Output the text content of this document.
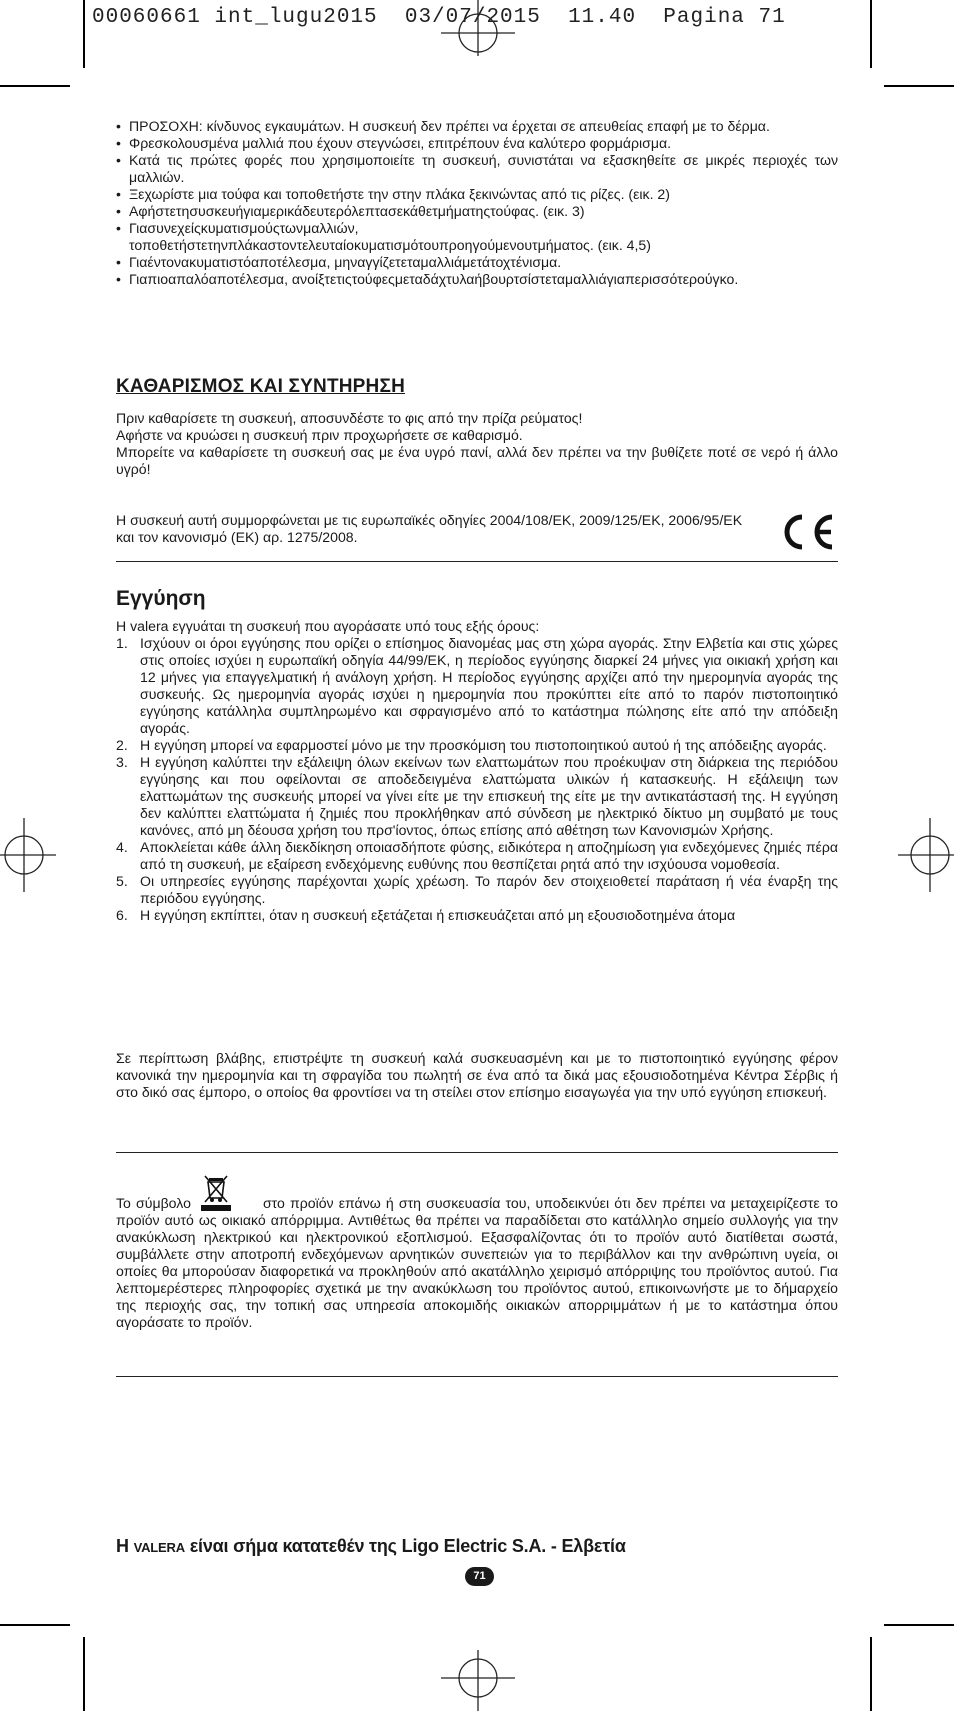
00060661 int_lugu2015  03/07/2015  11.40  Pagina 71
• ΠΡΟΣΟΧΗ: κίνδυνος εγκαυμάτων. Η συσκευή δεν πρέπει να έρχεται σε απευθείας επαφή με το δέρμα.
• Φρεσκολουσμένα μαλλιά που έχουν στεγνώσει, επιτρέπουν ένα καλύτερο φορμάρισμα.
• Κατά τις πρώτες φορές που χρησιμοποιείτε τη συσκευή, συνιστάται να εξασκηθείτε σε μικρές περιοχές των μαλλιών.
• Ξεχωρίστε μια τούφα και τοποθετήστε την στην πλάκα ξεκινώντας από τις ρίζες. (εικ. 2)
• Αφήστετησυσκευήγιαμερικάδευτερόλεπτασεκάθετμήματηςτούφας. (εικ. 3)
• Γιασυνεχείςκυματισμούςτωνμαλλιών,
τοποθετήστετηνπλάκαστοντελευταίοκυματισμότουπροηγούμενουτμήματος. (εικ. 4,5)
• Γιαέντονακυματιστόαποτέλεσμα, μηναγγίζετεταμαλλιάμετάτοχτένισμα.
• Γιαπιοαπαλόαποτέλεσμα, ανοίξτετιςτούφεςμεταδάχτυλαήβουρτσίστεταμαλλιάγιαπερισσότερούγκο.
ΚΑΘΑΡΙΣΜΟΣ ΚΑΙ ΣΥΝΤΗΡΗΣΗ

Πριν καθαρίσετε τη συσκευή, αποσυνδέστε το φις από την πρίζα ρεύματος!

Αφήστε να κρυώσει η συσκευή πριν προχωρήσετε σε καθαρισμό.

Μπορείτε να καθαρίσετε τη συσκευή σας με ένα υγρό πανί, αλλά δεν πρέπει να την βυθίζετε ποτέ σε νερό ή άλλο υγρό!

Η συσκευή αυτή συμμορφώνεται με τις ευρωπαϊκές οδηγίες 2004/108/ΕΚ, 2009/125/ΕΚ, 2006/95/ΕΚ και τον κανονισμό (ΕΚ) αρ. 1275/2008.

Εγγύηση

Η valera εγγυάται τη συσκευή που αγοράσατε υπό τους εξής όρους:

1. Ισχύουν οι όροι εγγύησης που ορίζει ο επίσημος διανομέας μας στη χώρα αγοράς. Στην Ελβετία και στις χώρες στις οποίες ισχύει η ευρωπαϊκή οδηγία 44/99/ΕΚ, η περίοδος εγγύησης διαρκεί 24 μήνες για οικιακή χρήση και 12 μήνες για επαγγελματική ή ανάλογη χρήση. Η περίοδος εγγύησης αρχίζει από την ημερομηνία αγοράς της συσκευής. Ως ημερομηνία αγοράς ισχύει η ημερομηνία που προκύπτει είτε από το παρόν πιστοποιητικό εγγύησης κατάλληλα συμπληρωμένο και σφραγισμένο από το κατάστημα πώλησης είτε από την απόδειξη αγοράς.
2. Η εγγύηση μπορεί να εφαρμοστεί μόνο με την προσκόμιση του πιστοποιητικού αυτού ή της απόδειξης αγοράς.
3. Η εγγύηση καλύπτει την εξάλειψη όλων εκείνων των ελαττωμάτων που προέκυψαν στη διάρκεια της περιόδου εγγύησης και που οφείλονται σε αποδεδειγμένα ελαττώματα υλικών ή κατασκευής. Η εξάλειψη των ελαττωμάτων της συσκευής μπορεί να γίνει είτε με την επισκευή της είτε με την αντικατάστασή της. Η εγγύηση δεν καλύπτει ελαττώματα ή ζημιές που προκλήθηκαν από σύνδεση με ηλεκτρικό δίκτυο μη συμβατό με τους κανόνες, από μη δέουσα χρήση του πρσ'ίοντος, όπως επίσης από αθέτηση των Κανονισμών Χρήσης.
4. Αποκλείεται κάθε άλλη διεκδίκηση οποιασδήποτε φύσης, ειδικότερα η αποζημίωση για ενδεχόμενες ζημιές πέρα από τη συσκευή, με εξαίρεση ενδεχόμενης ευθύνης που θεσπίζεται ρητά από την ισχύουσα νομοθεσία.
5. Οι υπηρεσίες εγγύησης παρέχονται χωρίς χρέωση. Το παρόν δεν στοιχειοθετεί παράταση ή νέα έναρξη της περιόδου εγγύησης.
6. Η εγγύηση εκπίπτει, όταν η συσκευή εξετάζεται ή επισκευάζεται από μη εξουσιοδοτημένα άτομα

Σε περίπτωση βλάβης, επιστρέψτε τη συσκευή καλά συσκευασμένη και με το πιστοποιητικό εγγύησης φέρον κανονικά την ημερομηνία και τη σφραγίδα του πωλητή σε ένα από τα δικά μας εξουσιοδοτημένα Κέντρα Σέρβις ή στο δικό σας έμπορο, ο οποίος θα φροντίσει να τη στείλει στον επίσημο εισαγωγέα για την υπό εγγύηση επισκευή.

Το σύμβολο	στο προϊόν επάνω ή στη συσκευασία του, υποδεικνύει ότι δεν πρέπει να μεταχειρίζεστε το προϊόν αυτό ως οικιακό απόρριμμα. Αντιθέτως θα πρέπει να παραδίδεται στο κατάλληλο σημείο συλλογής για την ανακύκλωση ηλεκτρικού και ηλεκτρονικού εξοπλισμού. Εξασφαλίζοντας ότι το προϊόν αυτό διατίθεται σωστά, συμβάλλετε στην αποτροπή ενδεχόμενων αρνητικών συνεπειών για το περιβάλλον και την ανθρώπινη υγεία, οι οποίες θα μπορούσαν διαφορετικά να προκληθούν από ακατάλληλο χειρισμό απόρριψης του προϊόντος αυτού. Για λεπτομερέστερες πληροφορίες σχετικά με την ανακύκλωση του προϊόντος αυτού, επικοινωνήστε με το δήμαρχείο της περιοχής σας, την τοπική σας υπηρεσία αποκομιδής οικιακών απορριμμάτων ή με το κατάστημα όπου αγοράσατε το προϊόν.

Η VALERA είναι σήμα κατατεθέν της Ligo Electric S.A. - Ελβετία
71
